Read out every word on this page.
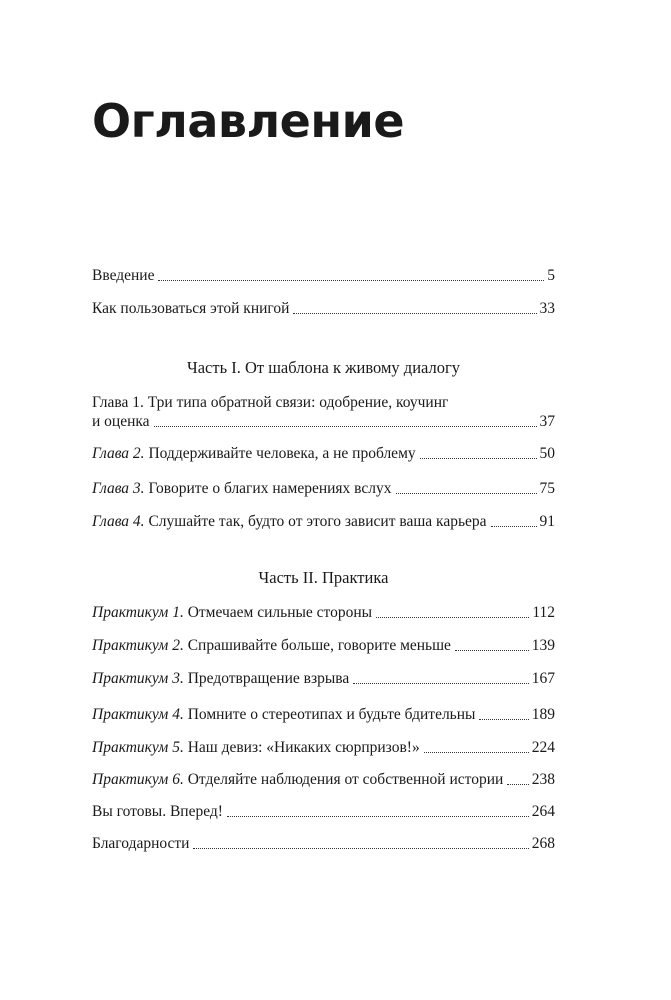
Оглавление
Введение	5
Как пользоваться этой книгой	33
Часть I. От шаблона к живому диалогу
Глава 1. Три типа обратной связи: одобрение, коучинг
и оценка	37
Глава 2. Поддерживайте человека, а не проблему	50
Глава 3. Говорите о благих намерениях вслух	75
Глава 4. Слушайте так, будто от этого зависит ваша карьера	91
Часть II. Практика
Практикум 1. Отмечаем сильные стороны	112
Практикум 2. Спрашивайте больше, говорите меньше	139
Практикум 3. Предотвращение взрыва	167
Практикум 4. Помните о стереотипах и будьте бдительны	189
Практикум 5. Наш девиз: «Никаких сюрпризов!»	224
Практикум 6. Отделяйте наблюдения от собственной истории 238
Вы готовы. Вперед!	264
Благодарности	268
